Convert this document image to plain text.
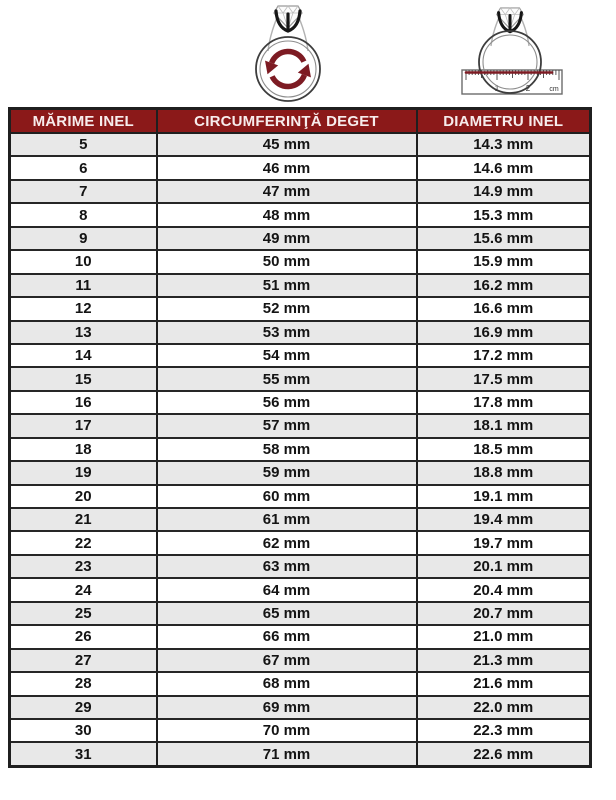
1	2	cm
MĂRIME INEL	CIRCUMFERINŢĂ DEGET	DIAMETRU INEL
5	45 mm	14.3 mm
6	46 mm	14.6 mm
7	47 mm	14.9 mm
8	48 mm	15.3 mm
9	49 mm	15.6 mm
10	50 mm	15.9 mm
11	51 mm	16.2 mm
12	52 mm	16.6 mm
13	53 mm	16.9 mm
14	54 mm	17.2 mm
15	55 mm	17.5 mm
16	56 mm	17.8 mm
17	57 mm	18.1 mm
18	58 mm	18.5 mm
19	59 mm	18.8 mm
20	60 mm	19.1 mm
21	61 mm	19.4 mm
22	62 mm	19.7 mm
23	63 mm	20.1 mm
24	64 mm	20.4 mm
25	65 mm	20.7 mm
26	66 mm	21.0 mm
27	67 mm	21.3 mm
28	68 mm	21.6 mm
29	69 mm	22.0 mm
30	70 mm	22.3 mm
31	71 mm	22.6 mm
